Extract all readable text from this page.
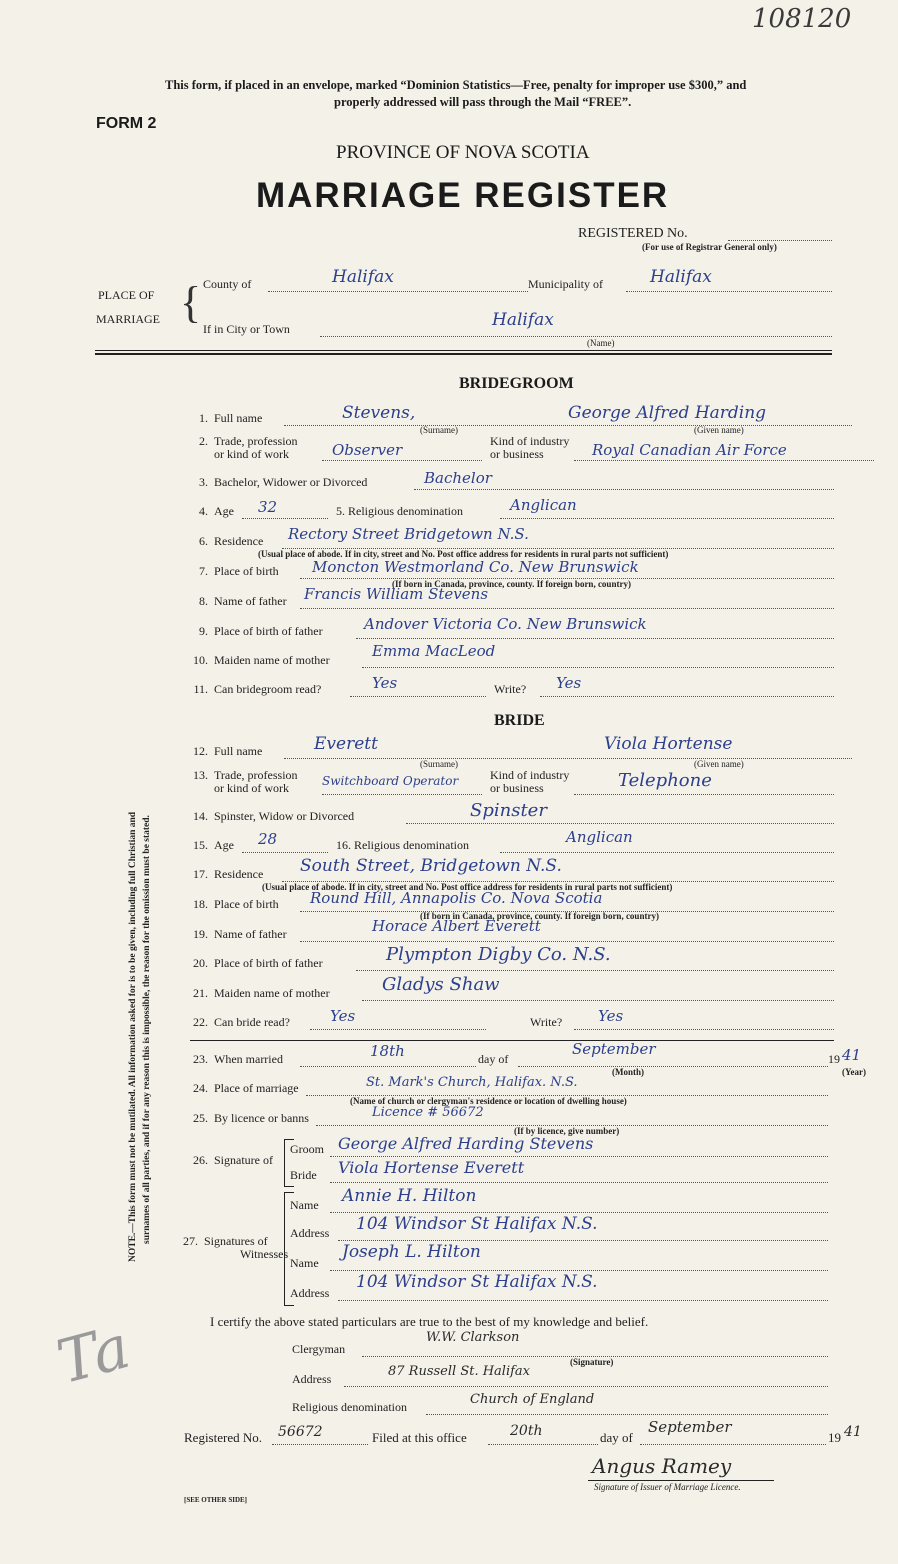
108120
This form, if placed in an envelope, marked “Dominion Statistics—Free, penalty for improper use $300,” and
properly addressed will pass through the Mail “FREE”.
FORM 2
PROVINCE OF NOVA SCOTIA
MARRIAGE REGISTER
REGISTERED No.
(For use of Registrar General only)
PLACE OF
MARRIAGE { County of	Halifax	Municipality of	Halifax
If in City or Town	Halifax
(Name)
NOTE.—This form must not be mutilated. All information asked for is to be given, including full Christian and surnames of all parties, and if for any reason this is impossible, the reason for the omission must be stated.
Ta
BRIDEGROOM
1. Full name	Stevens,	George Alfred Harding
(Surname)	(Given name)
2. Trade, profession
or kind of work	Observer	Kind of industry
or business	Royal Canadian Air Force
3. Bachelor, Widower or Divorced	Bachelor
4. Age 32	5. Religious denomination	Anglican
6. Residence Rectory Street Bridgetown N.S.
(Usual place of abode. If in city, street and No. Post office address for residents in rural parts not sufficient)
7. Place of birth Moncton Westmorland Co. New Brunswick
(If born in Canada, province, county. If foreign born, country)
8. Name of father Francis William Stevens
9. Place of birth of father	Andover Victoria Co. New Brunswick
10. Maiden name of mother	Emma MacLeod
11. Can bridegroom read?	Yes	Write? Yes
BRIDE
12. Full name	Everett	Viola Hortense
(Surname)	(Given name)
13. Trade, profession
or kind of work	Switchboard Operator	Kind of industry
or business	Telephone
14. Spinster, Widow or Divorced	Spinster
15. Age 28	16. Religious denomination	Anglican
17. Residence South Street, Bridgetown N.S.
(Usual place of abode. If in city, street and No. Post office address for residents in rural parts not sufficient)
18. Place of birth Round Hill, Annapolis Co. Nova Scotia
(If born in Canada, province, county. If foreign born, country)
19. Name of father	Horace Albert Everett
20. Place of birth of father	Plympton Digby Co. N.S.
21. Maiden name of mother	Gladys Shaw
22. Can bride read?	Yes	Write? Yes
23. When married	18th	day of
September
19 41
(Month)	(Year)
24. Place of marriage	St. Mark's Church, Halifax. N.S.
(Name of church or clergyman's residence or location of dwelling house)
25. By licence or banns	Licence # 56672
(If by licence, give number)
26. Signature of
Groom George Alfred Harding Stevens
Bride Viola Hortense Everett
27. Signatures of
Witnesses
Name Annie H. Hilton
Address 104 Windsor St Halifax N.S.
Name
Joseph L. Hilton
Address
104 Windsor St Halifax N.S.
I certify the above stated particulars are true to the best of my knowledge and belief.
Clergyman
W.W. Clarkson
(Signature)
Address	87 Russell St. Halifax
Religious denomination	Church of England
Registered No. 56672	Filed at this office	20th	day of
September
19 41
Angus Ramey
Signature of Issuer of Marriage Licence.
[SEE OTHER SIDE]
